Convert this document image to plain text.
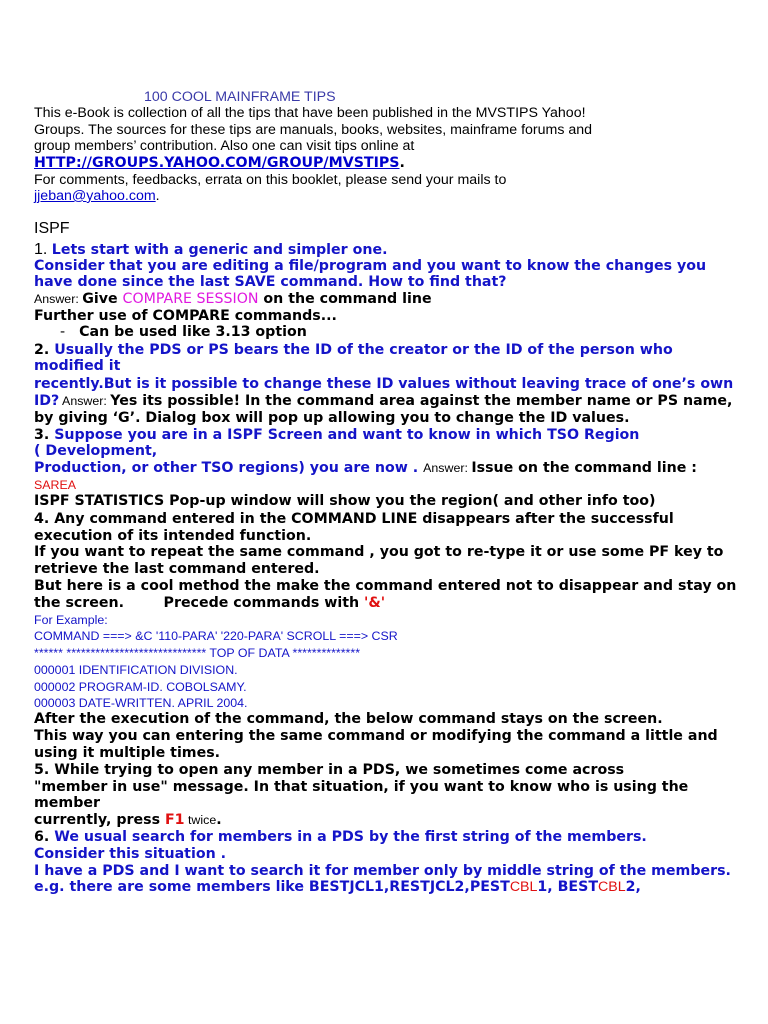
100 COOL MAINFRAME TIPS
This e-Book is collection of all the tips that have been published in the MVSTIPS Yahoo!
Groups. The sources for these tips are manuals, books, websites, mainframe forums and
group members’ contribution. Also one can visit tips online at
HTTP://GROUPS.YAHOO.COM/GROUP/MVSTIPS.
For comments, feedbacks, errata on this booklet, please send your mails to
jjeban@yahoo.com.
ISPF
1. Lets start with a generic and simpler one.
Consider that you are editing a file/program and you want to know the changes you
have done since the last SAVE command. How to find that?
Answer: Give COMPARE SESSION on the command line
Further use of COMPARE commands...
- Can be used like 3.13 option
2. Usually the PDS or PS bears the ID of the creator or the ID of the person who
modified it
recently.But is it possible to change these ID values without leaving trace of one’s own
ID? Answer: Yes its possible! In the command area against the member name or PS name,
by giving ‘G’. Dialog box will pop up allowing you to change the ID values.
3. Suppose you are in a ISPF Screen and want to know in which TSO Region
( Development,
Production, or other TSO regions) you are now . Answer: Issue on the command line :
SAREA
ISPF STATISTICS Pop-up window will show you the region( and other info too)
4. Any command entered in the COMMAND LINE disappears after the successful
execution of its intended function.
If you want to repeat the same command , you got to re-type it or use some PF key to
retrieve the last command entered.
But here is a cool method the make the command entered not to disappear and stay on
the screen.        Precede commands with '&'
For Example:
COMMAND ===> &C '110-PARA' '220-PARA' SCROLL ===> CSR
****** ***************************** TOP OF DATA **************
000001 IDENTIFICATION DIVISION.
000002 PROGRAM-ID. COBOLSAMY.
000003 DATE-WRITTEN. APRIL 2004.
After the execution of the command, the below command stays on the screen.
This way you can entering the same command or modifying the command a little and
using it multiple times.
5. While trying to open any member in a PDS, we sometimes come across
"member in use" message. In that situation, if you want to know who is using the
member
currently, press F1 twice.
6. We usual search for members in a PDS by the first string of the members.
Consider this situation .
I have a PDS and I want to search it for member only by middle string of the members.
e.g. there are some members like BESTJCL1,RESTJCL2,PESTCBL1, BESTCBL2,
